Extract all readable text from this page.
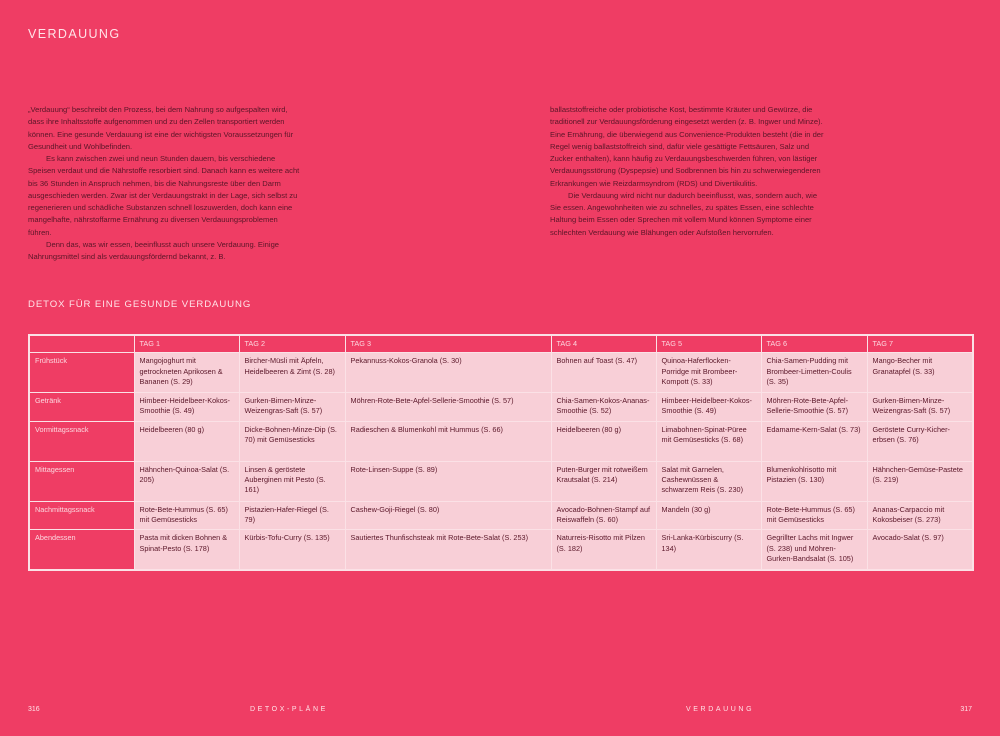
VERDAUUNG

„Verdauung“ beschreibt den Prozess, bei dem Nahrung so aufgespalten wird, dass ihre Inhaltsstoffe aufgenommen und zu den Zellen transportiert werden können. Eine gesunde Verdauung ist eine der wichtigsten Voraussetzungen für Gesundheit und Wohlbefinden.

Es kann zwischen zwei und neun Stunden dauern, bis verschiedene Speisen verdaut und die Nährstoffe resorbiert sind. Danach kann es weitere acht bis 36 Stunden in Anspruch nehmen, bis die Nahrungsreste über den Darm ausgeschieden werden. Zwar ist der Verdauungstrakt in der Lage, sich selbst zu regenerieren und schädliche Substanzen schnell loszuwerden, doch kann eine mangelhafte, nährstoffarme Ernährung zu diversen Verdauungsproblemen führen.

Denn das, was wir essen, beeinflusst auch unsere Verdauung. Einige Nahrungsmittel sind als verdauungsfördernd bekannt, z. B.

ballaststoffreiche oder probiotische Kost, bestimmte Kräuter und Gewürze, die traditionell zur Verdauungsförderung eingesetzt werden (z. B. Ingwer und Minze). Eine Ernährung, die überwiegend aus Convenience-Produkten besteht (die in der Regel wenig ballaststoffreich sind, dafür viele gesättigte Fettsäuren, Salz und Zucker enthalten), kann häufig zu Verdauungsbeschwerden führen, von lästiger Verdauungsstörung (Dyspepsie) und Sodbrennen bis hin zu schwerwiegenderen Erkrankungen wie Reizdarmsyndrom (RDS) und Divertikulitis.

Die Verdauung wird nicht nur dadurch beeinflusst, was, sondern auch, wie Sie essen. Angewohnheiten wie zu schnelles, zu spätes Essen, eine schlechte Haltung beim Essen oder Sprechen mit vollem Mund können Symptome einer schlechten Verdauung wie Blähungen oder Aufstoßen hervorrufen.

DETOX FÜR EINE GESUNDE VERDAUUNG
	TAG 1	TAG 2	TAG 3	TAG 4	TAG 5	TAG 6	TAG 7
Frühstück	Mangojoghurt mit getrockneten Aprikosen & Bananen (S. 29)	Bircher-Müsli mit Äpfeln, Heidelbeeren & Zimt (S. 28)	Pekannuss-Kokos-Granola (S. 30)	Bohnen auf Toast (S. 47)	Quinoa-Haferflocken-Porridge mit Brombeer-Kompott (S. 33)	Chia-Samen-Pudding mit Brombeer-Limetten-Coulis (S. 35)	Mango-Becher mit Granatapfel (S. 33)
Getränk	Himbeer-Heidelbeer-Kokos-Smoothie (S. 49)	Gurken-Birnen-Minze-Weizengras-Saft (S. 57)	Möhren-Rote-Bete-Apfel-Sellerie-Smoothie (S. 57)	Chia-Samen-Kokos-Ananas-Smoothie (S. 52)	Himbeer-Heidelbeer-Kokos-Smoothie (S. 49)	Möhren-Rote-Bete-Apfel-Sellerie-Smoothie (S. 57)	Gurken-Birnen-Minze-Weizengras-Saft (S. 57)
Vormittagssnack	Heidelbeeren (80 g)	Dicke-Bohnen-Minze-Dip (S. 70) mit Gemüsesticks	Radieschen & Blumenkohl mit Hummus (S. 66)	Heidelbeeren (80 g)	Limabohnen-Spinat-Püree mit Gemüsesticks (S. 68)	Edamame-Kern-Salat (S. 73)	Geröstete Curry-Kichererbsen (S. 76)
Mittagessen	Hähnchen-Quinoa-Salat (S. 205)	Linsen & geröstete Auberginen mit Pesto (S. 161)	Rote-Linsen-Suppe (S. 89)	Puten-Burger mit rotweißem Krautsalat (S. 214)	Salat mit Garnelen, Cashewnüssen & schwarzem Reis (S. 230)	Blumenkohlrisotto mit Pistazien (S. 130)	Hähnchen-Gemüse-Pastete (S. 219)
Nachmittagssnack	Rote-Bete-Hummus (S. 65) mit Gemüsesticks	Pistazien-Hafer-Riegel (S. 79)	Cashew-Goji-Riegel (S. 80)	Avocado-Bohnen-Stampf auf Reiswaffeln (S. 60)	Mandeln (30 g)	Rote-Bete-Hummus (S. 65) mit Gemüsesticks	Ananas-Carpaccio mit Kokosbeiser (S. 273)
Abendessen	Pasta mit dicken Bohnen & Spinat-Pesto (S. 178)	Kürbis-Tofu-Curry (S. 135)	Sautiertes Thunfischsteak mit Rote-Bete-Salat (S. 253)	Naturreis-Risotto mit Pilzen (S. 182)	Sri-Lanka-Kürbiscurry (S. 134)	Gegrillter Lachs mit Ingwer (S. 238) und Möhren-Gurken-Bandsalat (S. 105)	Avocado-Salat (S. 97)
316	DETOX-PLÄNE	VERDAUUNG	317
